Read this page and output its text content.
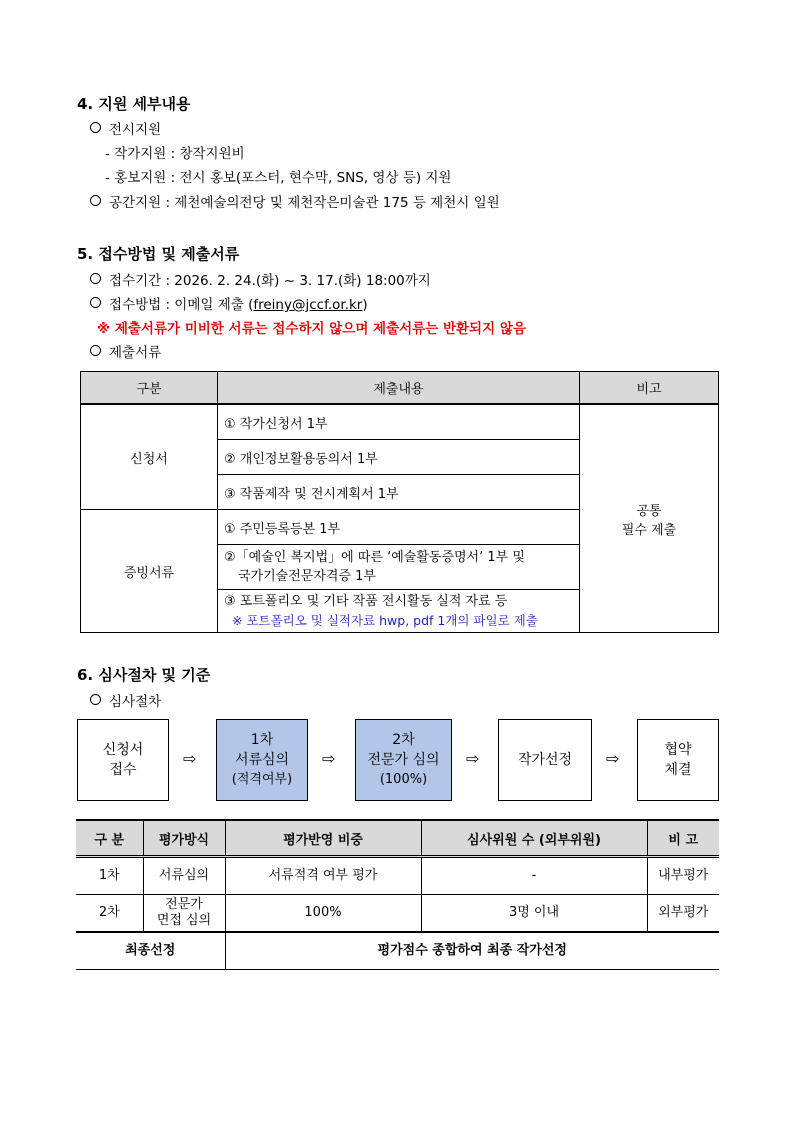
4. 지원 세부내용
전시지원
- 작가지원 : 창작지원비
- 홍보지원 : 전시 홍보(포스터, 현수막, SNS, 영상 등) 지원
공간지원 : 제천예술의전당 및 제천작은미술관 175 등 제천시 일원
5. 접수방법 및 제출서류
접수기간 : 2026. 2. 24.(화) ~ 3. 17.(화) 18:00까지
접수방법 : 이메일 제출 (freiny@jccf.or.kr)
※ 제출서류가 미비한 서류는 접수하지 않으며 제출서류는 반환되지 않음
제출서류
구분	제출내용	비고
신청서	① 작가신청서 1부	공통
필수 제출

	② 개인정보활용동의서 1부	
	③ 작품제작 및 전시계획서 1부	
증빙서류	① 주민등록등본 1부	

	②「예술인 복지법」에 따른 ‘예술활동증명서’ 1부 및
국가기술전문자격증 1부	

	③ 포트폴리오 및 기타 작품 전시활동 실적 자료 등
※ 포트폴리오 및 실적자료 hwp, pdf 1개의 파일로 제출	
6. 심사절차 및 기준
심사절차
신청서
접수
⇨
1차
서류심의
(적격여부)
⇨
2차
전문가 심의
(100%)
⇨	작가선정 ⇨	협약
체결
구 분	평가방식	평가반영 비중	심사위원 수 (외부위원)	비 고
1차	서류심의	서류적격 여부 평가	-	내부평가
2차	전문가
면접 심의	100%	3명 이내	외부평가
최종선정		평가점수 종합하여 최종 작가선정		
